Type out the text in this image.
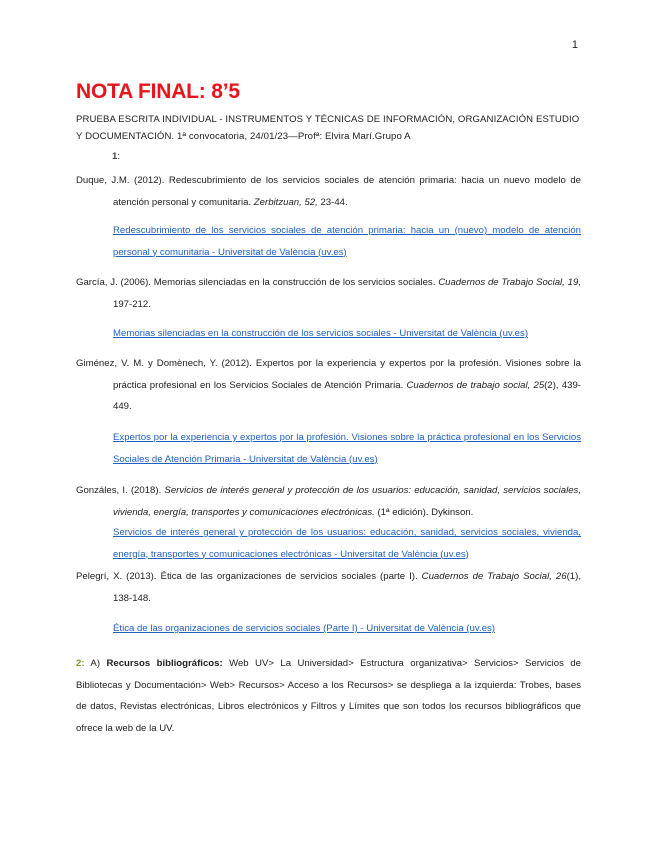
1
NOTA FINAL: 8’5
PRUEBA ESCRITA INDIVIDUAL - INSTRUMENTOS Y TÉCNICAS DE INFORMACIÓN, ORGANIZACIÓN ESTUDIO Y DOCUMENTACIÓN. 1ª convocatoria, 24/01/23—Profª: Elvira Marí.Grupo A
1:
Duque, J.M. (2012). Redescubrimiento de los servicios sociales de atención primaria: hacia un nuevo modelo de atención personal y comunitaria. Zerbitzuan, 52, 23-44.
Redescubrimiento de los servicios sociales de atención primaria: hacia un (nuevo) modelo de atención personal y comunitaria - Universitat de València (uv.es)
García, J. (2006). Memorias silenciadas en la construcción de los servicios sociales. Cuadernos de Trabajo Social, 19, 197-212.
Memorias silenciadas en la construcción de los servicios sociales - Universitat de València (uv.es)
Giménez, V. M. y Domènech, Y. (2012). Expertos por la experiencia y expertos por la profesión. Visiones sobre la práctica profesional en los Servicios Sociales de Atención Primaria. Cuadernos de trabajo social, 25(2), 439-449.
Expertos por la experiencia y expertos por la profesión. Visiones sobre la práctica profesional en los Servicios Sociales de Atención Primaria - Universitat de València (uv.es)
Gonzáles, I. (2018). Servicios de interés general y protección de los usuarios: educación, sanidad, servicios sociales, vivienda, energía, transportes y comunicaciones electrónicas. (1ª edición). Dykinson.
Servicios de interés general y protección de los usuarios: educación, sanidad, servicios sociales, vivienda, energía, transportes y comunicaciones electrónicas - Universitat de València (uv.es)
Pelegrí, X. (2013). Ética de las organizaciones de servicios sociales (parte I). Cuadernos de Trabajo Social, 26(1), 138-148.
Ética de las organizaciones de servicios sociales (Parte I) - Universitat de València (uv.es)
2: A) Recursos bibliográficos: Web UV> La Universidad> Estructura organizativa> Servicios> Servicios de Bibliotecas y Documentación> Web> Recursos> Acceso a los Recursos> se despliega a la izquierda: Trobes, bases de datos, Revistas electrónicas, Libros electrónicos y Filtros y Límites que son todos los recursos bibliográficos que ofrece la web de la UV.
